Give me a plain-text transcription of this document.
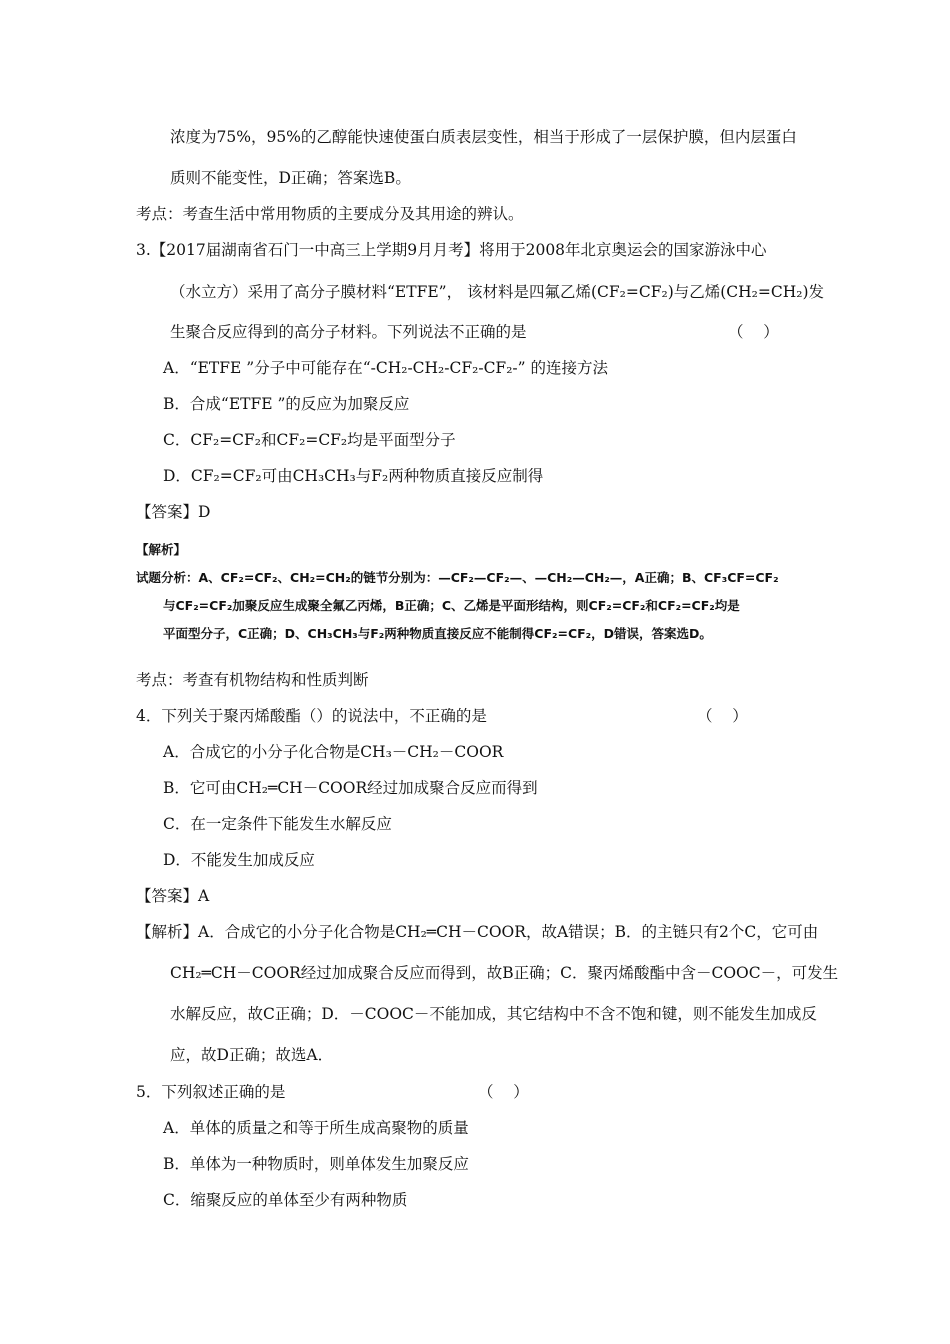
浓度为75%，95%的乙醇能快速使蛋白质表层变性，相当于形成了一层保护膜，但内层蛋白
质则不能变性，D正确；答案选B。
考点：考查生活中常用物质的主要成分及其用途的辨认。
3.【2017届湖南省石门一中高三上学期9月月考】将用于2008年北京奥运会的国家游泳中心
（水立方）采用了高分子膜材料“ETFE”， 该材料是四氟乙烯(CF₂=CF₂)与乙烯(CH₂=CH₂)发
生聚合反应得到的高分子材料。下列说法不正确的是	（    ）
A．“ETFE ”分子中可能存在“-CH₂-CH₂-CF₂-CF₂-” 的连接方法
B．合成“ETFE ”的反应为加聚反应
C．CF₂=CF₂和CF₂=CF₂均是平面型分子
D．CF₂=CF₂可由CH₃CH₃与F₂两种物质直接反应制得
【答案】D
【解析】
试题分析：A、CF₂=CF₂、CH₂=CH₂的链节分别为：—CF₂—CF₂—、—CH₂—CH₂—，A正确；B、CF₃CF=CF₂
与CF₂=CF₂加聚反应生成聚全氟乙丙烯，B正确；C、乙烯是平面形结构，则CF₂=CF₂和CF₂=CF₂均是
平面型分子，C正确；D、CH₃CH₃与F₂两种物质直接反应不能制得CF₂=CF₂，D错误，答案选D。
考点：考查有机物结构和性质判断
4．下列关于聚丙烯酸酯（）的说法中，不正确的是	（    ）
A．合成它的小分子化合物是CH₃－CH₂－COOR
B．它可由CH₂═CH－COOR经过加成聚合反应而得到
C．在一定条件下能发生水解反应
D．不能发生加成反应
【答案】A
【解析】A．合成它的小分子化合物是CH₂═CH－COOR，故A错误；B．的主链只有2个C，它可由
CH₂═CH－COOR经过加成聚合反应而得到，故B正确；C．聚丙烯酸酯中含－COOC－，可发生
水解反应，故C正确；D．－COOC－不能加成，其它结构中不含不饱和键，则不能发生加成反
应，故D正确；故选A．
5．下列叙述正确的是	（    ）
A．单体的质量之和等于所生成高聚物的质量
B．单体为一种物质时，则单体发生加聚反应
C．缩聚反应的单体至少有两种物质
